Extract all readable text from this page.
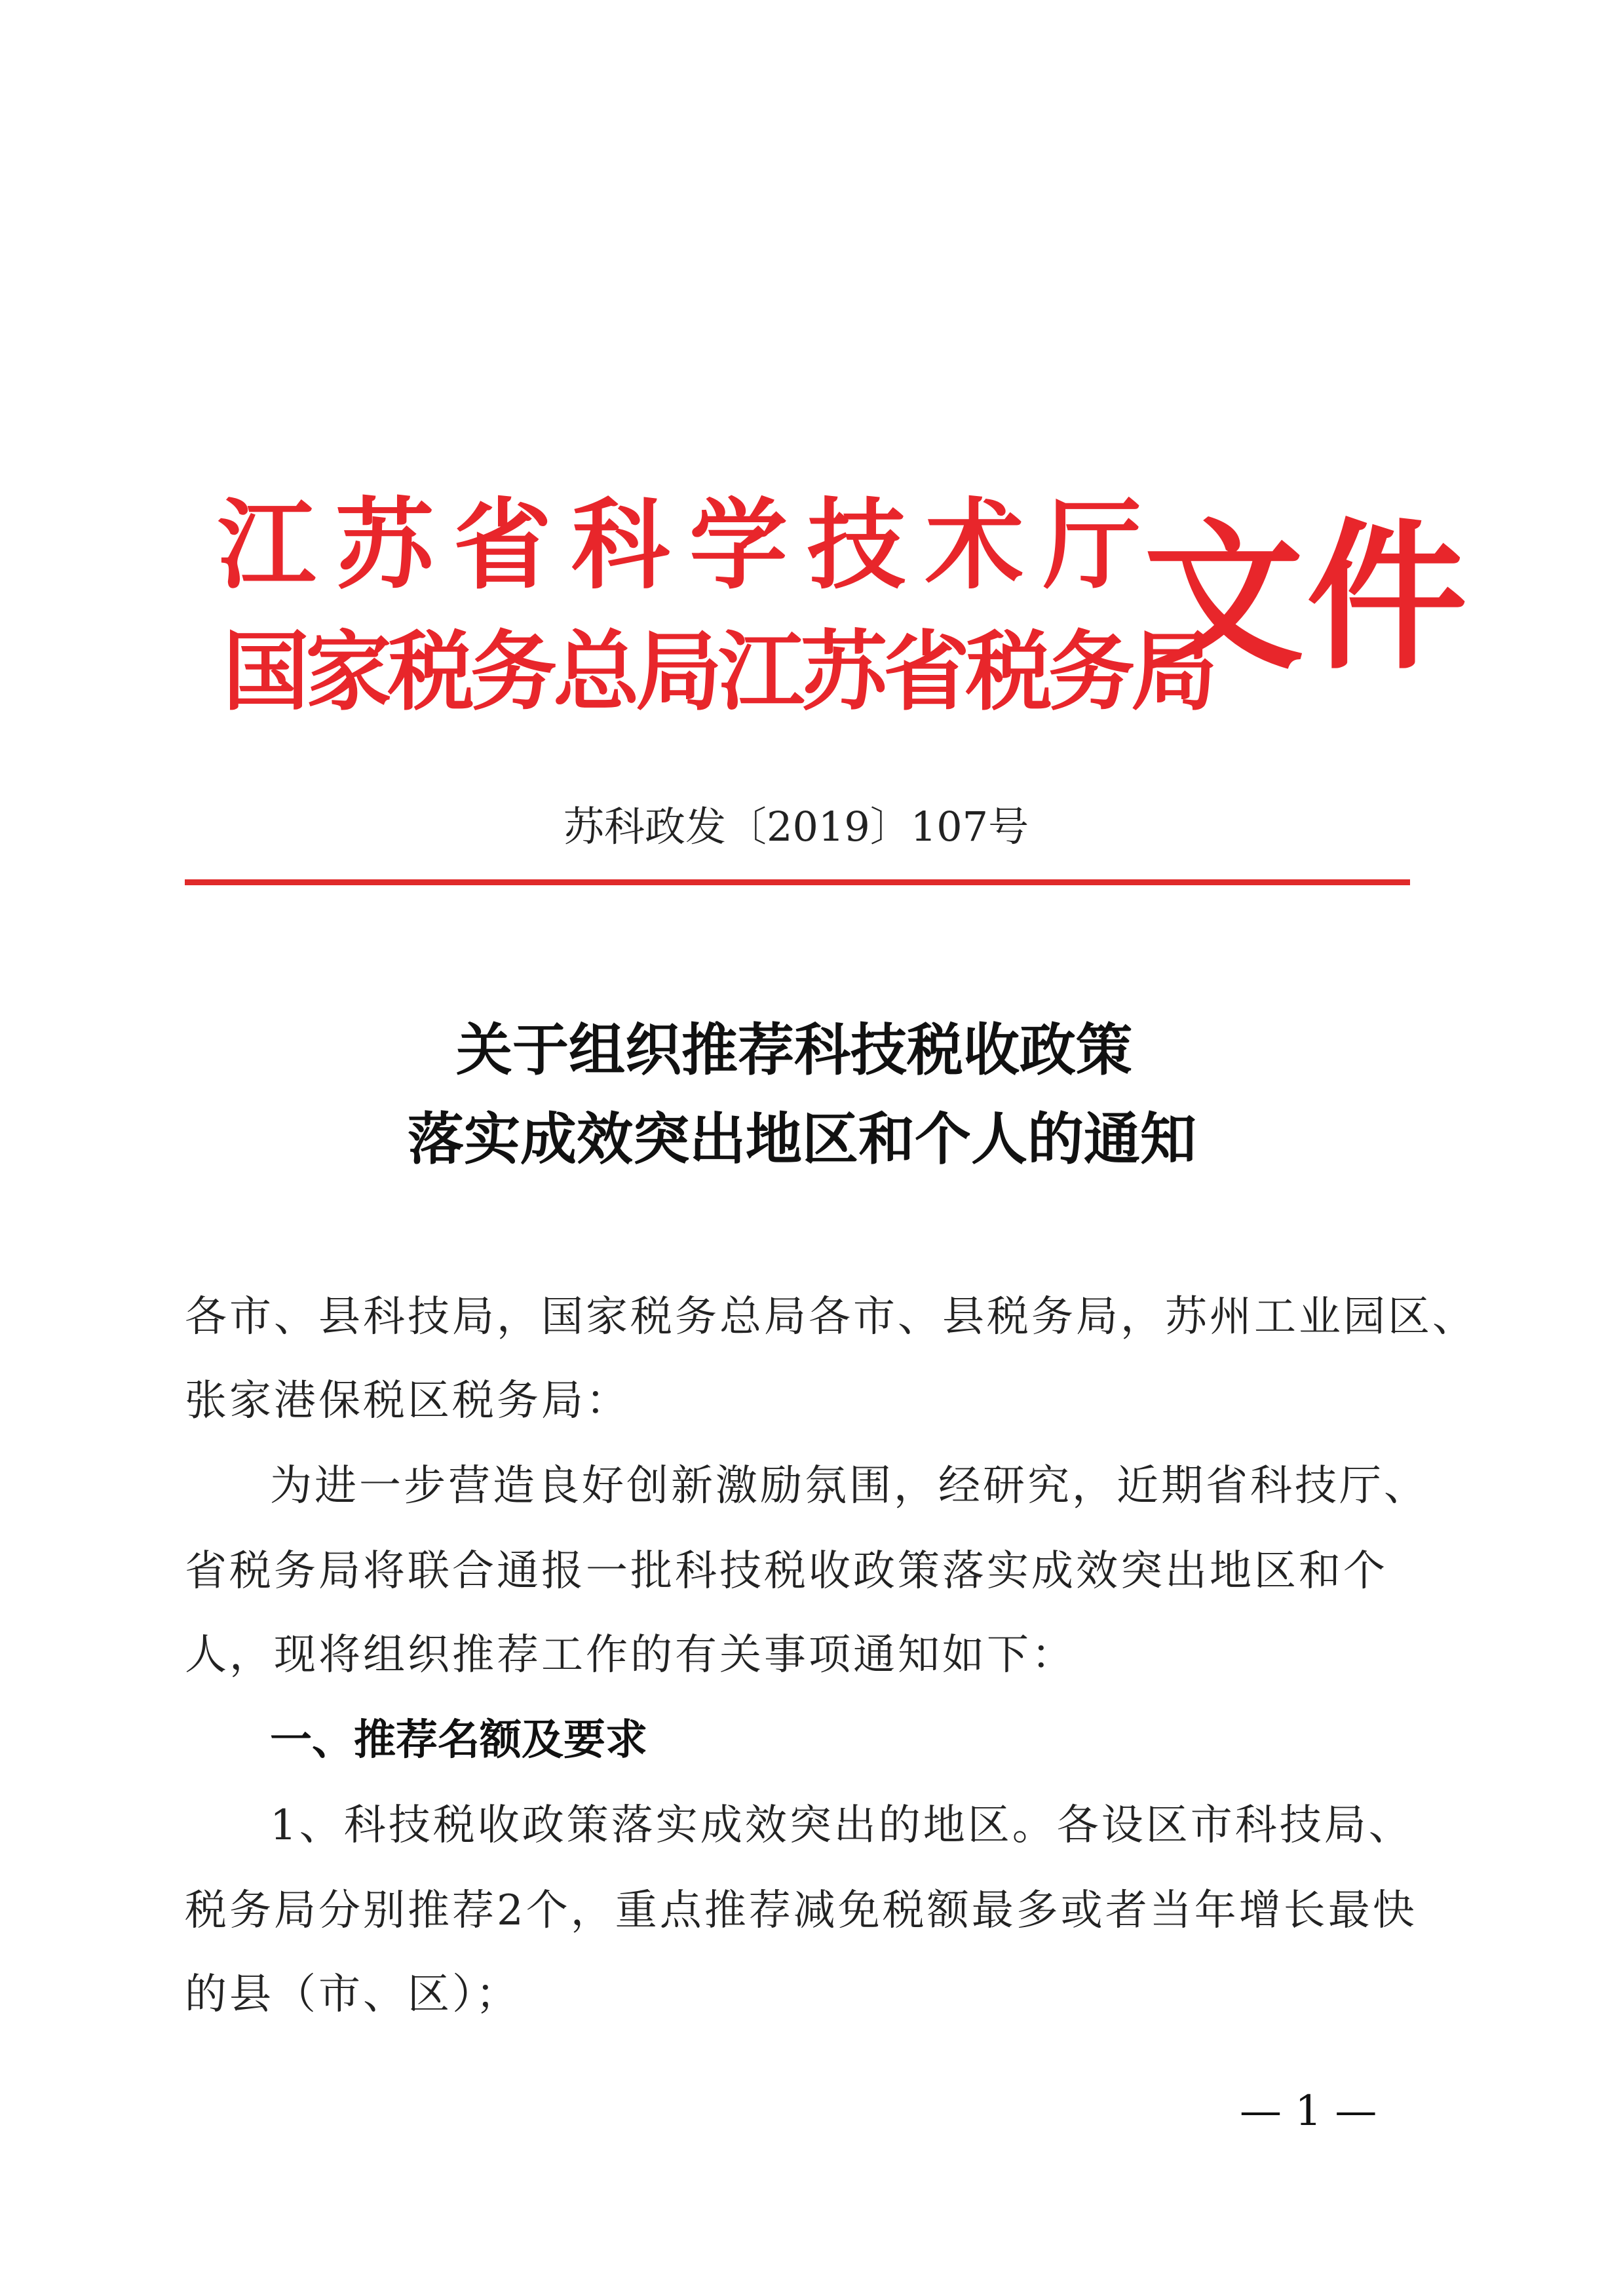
江苏省科学技术厅
国家税务总局江苏省税务局
文件
苏科政发〔2019〕107号
关于组织推荐科技税收政策
落实成效突出地区和个人的通知
各市、县科技局，国家税务总局各市、县税务局，苏州工业园区、
张家港保税区税务局：
为进一步营造良好创新激励氛围，经研究，近期省科技厅、
省税务局将联合通报一批科技税收政策落实成效突出地区和个
人，现将组织推荐工作的有关事项通知如下：
一、推荐名额及要求
1、科技税收政策落实成效突出的地区。各设区市科技局、
税务局分别推荐2个，重点推荐减免税额最多或者当年增长最快
的县（市、区）；
— 1 —
